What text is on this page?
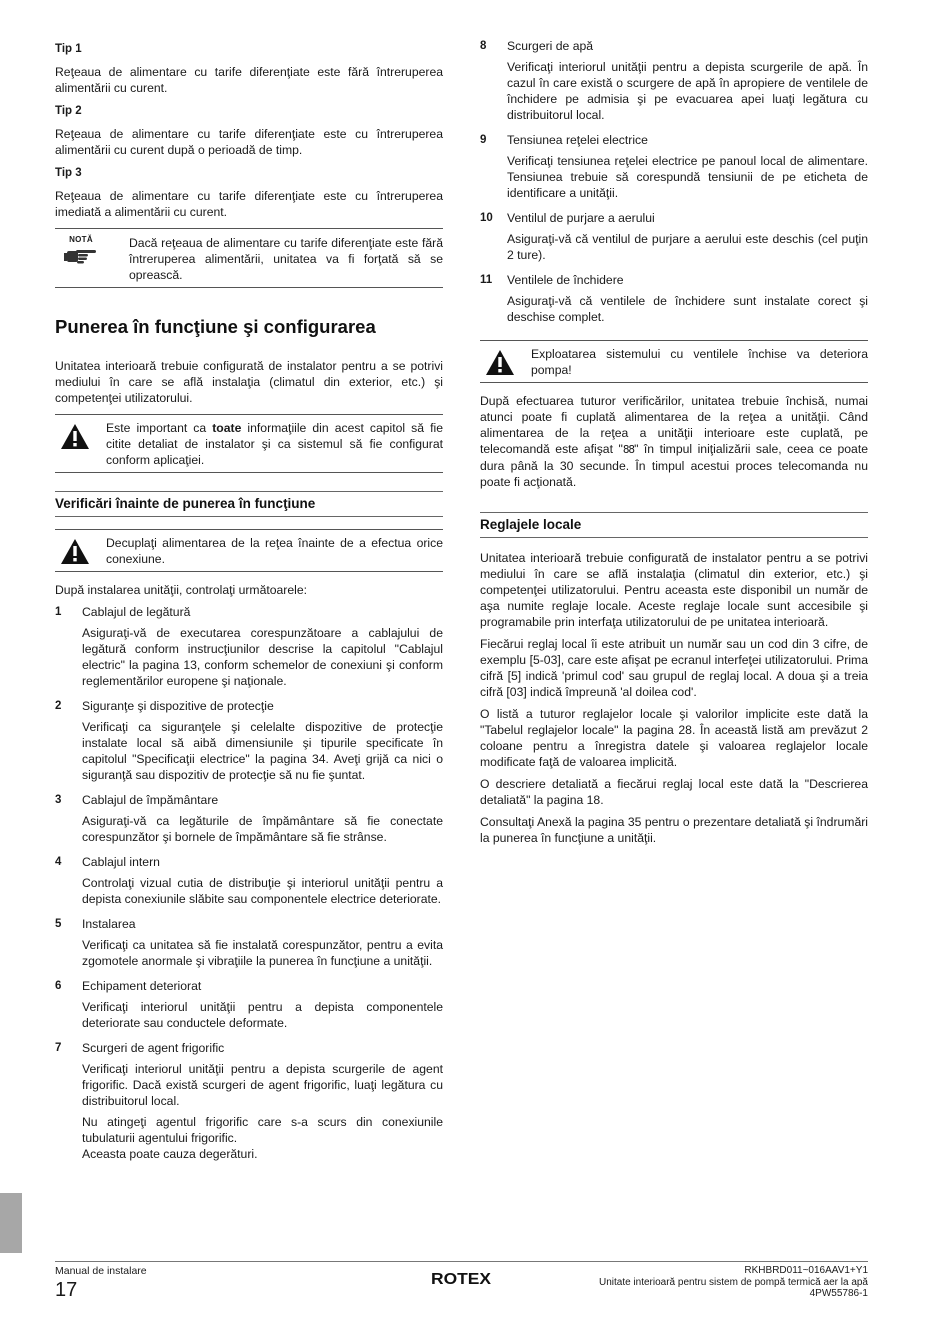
Tip 1

Reţeaua de alimentare cu tarife diferenţiate este fără întreruperea alimentării cu curent.

Tip 2

Reţeaua de alimentare cu tarife diferenţiate este cu întreruperea alimentării cu curent după o perioadă de timp.

Tip 3

Reţeaua de alimentare cu tarife diferenţiate este cu întreruperea imediată a alimentării cu curent.

NOTĂ	Dacă reţeaua de alimentare cu tarife diferenţiate este fără întreruperea alimentării, unitatea va fi forţată să se oprească.

Punerea în funcţiune şi configurarea

Unitatea interioară trebuie configurată de instalator pentru a se potrivi mediului în care se află instalaţia (climatul din exterior, etc.) şi competenţei utilizatorului.

Este important ca toate informaţiile din acest capitol să fie citite detaliat de instalator şi ca sistemul să fie configurat conform aplicaţiei.

Verificări înainte de punerea în funcţiune

Decuplaţi alimentarea de la reţea înainte de a efectua orice conexiune.

După instalarea unităţii, controlaţi următoarele:

1	Cablajul de legătură

Asiguraţi-vă de executarea corespunzătoare a cablajului de legătură conform instrucţiunilor descrise la capitolul "Cablajul electric" la pagina 13, conform schemelor de conexiuni şi conform reglementărilor europene şi naţionale.

2	Siguranţe şi dispozitive de protecţie

Verificaţi ca siguranţele şi celelalte dispozitive de protecţie instalate local să aibă dimensiunile şi tipurile specificate în capitolul "Specificaţii electrice" la pagina 34. Aveţi grijă ca nici o siguranţă sau dispozitiv de protecţie să nu fie şuntat.

3	Cablajul de împământare

Asiguraţi-vă ca legăturile de împământare să fie conectate corespunzător şi bornele de împământare să fie strânse.

4	Cablajul intern

Controlaţi vizual cutia de distribuţie şi interiorul unităţii pentru a depista conexiunile slăbite sau componentele electrice deteriorate.

5	Instalarea

Verificaţi ca unitatea să fie instalată corespunzător, pentru a evita zgomotele anormale şi vibraţiile la punerea în funcţiune a unităţii.

6	Echipament deteriorat

Verificaţi interiorul unităţii pentru a depista componentele deteriorate sau conductele deformate.

7	Scurgeri de agent frigorific

Verificaţi interiorul unităţii pentru a depista scurgerile de agent frigorific. Dacă există scurgeri de agent frigorific, luaţi legătura cu distribuitorul local.

Nu atingeţi agentul frigorific care s-a scurs din conexiunile tubulaturii agentului frigorific.

Aceasta poate cauza degerături.

8	Scurgeri de apă

Verificaţi interiorul unităţii pentru a depista scurgerile de apă. În cazul în care există o scurgere de apă în apropiere de ventilele de închidere pe admisia şi pe evacuarea apei luaţi legătura cu distribuitorul local.

9	Tensiunea reţelei electrice

Verificaţi tensiunea reţelei electrice pe panoul local de alimentare. Tensiunea trebuie să corespundă tensiunii de pe eticheta de identificare a unităţii.

10	Ventilul de purjare a aerului

Asiguraţi-vă că ventilul de purjare a aerului este deschis (cel puţin 2 ture).

11	Ventilele de închidere

Asiguraţi-vă că ventilele de închidere sunt instalate corect şi deschise complet.

Exploatarea sistemului cu ventilele închise va deteriora pompa!

După efectuarea tuturor verificărilor, unitatea trebuie închisă, numai atunci poate fi cuplată alimentarea de la reţea a unităţii. Când alimentarea de la reţea a unităţii interioare este cuplată, pe telecomandă este afişat "88" în timpul iniţializării sale, ceea ce poate dura până la 30 secunde. În timpul acestui proces telecomanda nu poate fi acţionată.

Reglajele locale

Unitatea interioară trebuie configurată de instalator pentru a se potrivi mediului în care se află instalaţia (climatul din exterior, etc.) şi competenţei utilizatorului. Pentru aceasta este disponibil un număr de aşa numite reglaje locale. Aceste reglaje locale sunt accesibile şi programabile prin interfaţa utilizatorului de pe unitatea interioară.

Fiecărui reglaj local îi este atribuit un număr sau un cod din 3 cifre, de exemplu [5-03], care este afişat pe ecranul interfeţei utilizatorului. Prima cifră [5] indică 'primul cod' sau grupul de reglaj local. A doua şi a treia cifră [03] indică împreună 'al doilea cod'.

O listă a tuturor reglajelor locale şi valorilor implicite este dată la "Tabelul reglajelor locale" la pagina 28. În această listă am prevăzut 2 coloane pentru a înregistra datele şi valoarea reglajelor locale modificate faţă de valoarea implicită.

O descriere detaliată a fiecărui reglaj local este dată la "Descrierea detaliată" la pagina 18.

Consultaţi Anexă la pagina 35 pentru o prezentare detaliată şi îndrumări la punerea în funcţiune a unităţii.

Manual de instalare
17	ROTEX
RKHBRD011~016AAV1+Y1
Unitate interioară pentru sistem de pompă termică aer la apă
4PW55786-1
